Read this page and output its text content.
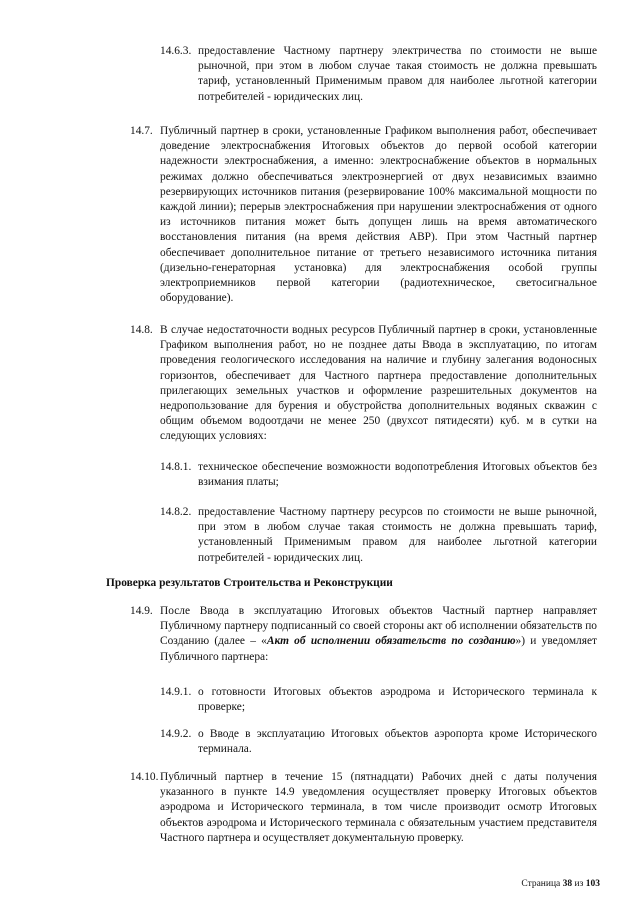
14.6.3. предоставление Частному партнеру электричества по стоимости не выше рыночной, при этом в любом случае такая стоимость не должна превышать тариф, установленный Применимым правом для наиболее льготной категории потребителей - юридических лиц.

14.7. Публичный партнер в сроки, установленные Графиком выполнения работ, обеспечивает доведение электроснабжения Итоговых объектов до первой особой категории надежности электроснабжения, а именно: электроснабжение объектов в нормальных режимах должно обеспечиваться электроэнергией от двух независимых взаимно резервирующих источников питания (резервирование 100% максимальной мощности по каждой линии); перерыв электроснабжения при нарушении электроснабжения от одного из источников питания может быть допущен лишь на время автоматического восстановления питания (на время действия АВР). При этом Частный партнер обеспечивает дополнительное питание от третьего независимого источника питания (дизельно-генераторная установка) для электроснабжения особой группы электроприемников первой категории (радиотехническое, светосигнальное оборудование).

14.8. В случае недостаточности водных ресурсов Публичный партнер в сроки, установленные Графиком выполнения работ, но не позднее даты Ввода в эксплуатацию, по итогам проведения геологического исследования на наличие и глубину залегания водоносных горизонтов, обеспечивает для Частного партнера предоставление дополнительных прилегающих земельных участков и оформление разрешительных документов на недропользование для бурения и обустройства дополнительных водяных скважин с общим объемом водоотдачи не менее 250 (двухсот пятидесяти) куб. м в сутки на следующих условиях:

14.8.1. техническое обеспечение возможности водопотребления Итоговых объектов без взимания платы;

14.8.2. предоставление Частному партнеру ресурсов по стоимости не выше рыночной, при этом в любом случае такая стоимость не должна превышать тариф, установленный Применимым правом для наиболее льготной категории потребителей - юридических лиц.

Проверка результатов Строительства и Реконструкции
14.9. После Ввода в эксплуатацию Итоговых объектов Частный партнер направляет Публичному партнеру подписанный со своей стороны акт об исполнении обязательств по Созданию (далее – «Акт об исполнении обязательств по созданию») и уведомляет Публичного партнера:

14.9.1. о готовности Итоговых объектов аэродрома и Исторического терминала к проверке;

14.9.2. о Вводе в эксплуатацию Итоговых объектов аэропорта кроме Исторического терминала.

14.10. Публичный партнер в течение 15 (пятнадцати) Рабочих дней с даты получения указанного в пункте 14.9 уведомления осуществляет проверку Итоговых объектов аэродрома и Исторического терминала, в том числе производит осмотр Итоговых объектов аэродрома и Исторического терминала с обязательным участием представителя Частного партнера и осуществляет документальную проверку.

Страница 38 из 103
